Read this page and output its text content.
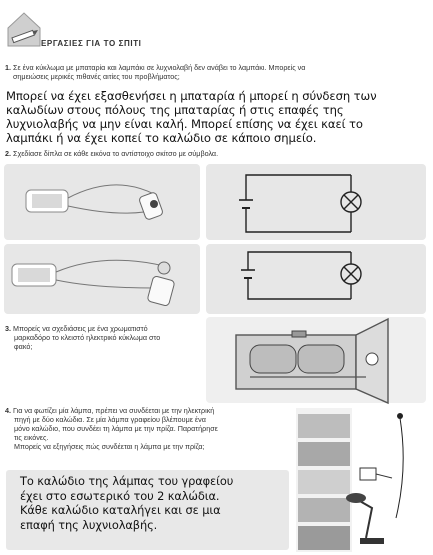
ΕΡΓΑΣΙΕΣ ΓΙΑ ΤΟ ΣΠΙΤΙ
1. Σε ένα κύκλωμα με μπαταρία και λαμπάκι σε λυχνιολαβή δεν ανάβει το λαμπάκι. Μπορείς να
σημειώσεις μερικές πιθανές αιτίες του προβλήματος;
Μπορεί να έχει εξασθενήσει η μπαταρία ή μπορεί η σύνδεση των
καλωδίων στους πόλους της μπαταρίας ή στις επαφές της
λυχνιολαβής να μην είναι καλή. Μπορεί επίσης να έχει καεί το
λαμπάκι ή να έχει κοπεί το καλώδιο σε κάποιο σημείο.
2. Σχεδίασε δίπλα σε κάθε εικόνα το αντίστοιχο σκίτσο με σύμβολα.
3. Μπορείς να σχεδιάσεις με ένα χρωματιστό
μαρκαδόρο το κλειστό ηλεκτρικό κύκλωμα στο
φακό;
4. Για να φωτίζει μία λάμπα, πρέπει να συνδέεται με την ηλεκτρική
πηγή με δύο καλώδια. Σε μία λάμπα γραφείου βλέπουμε ένα
μόνο καλώδιο, που συνδέει τη λάμπα με την πρίζα. Παρατήρησε
τις εικόνες.
Μπορείς να εξηγήσεις πώς συνδέεται η λάμπα με την πρίζα;
Το καλώδιο της λάμπας του γραφείου
έχει στο εσωτερικό του 2 καλώδια.
Κάθε καλώδιο καταλήγει και σε μια
επαφή της λυχνιολαβής.
